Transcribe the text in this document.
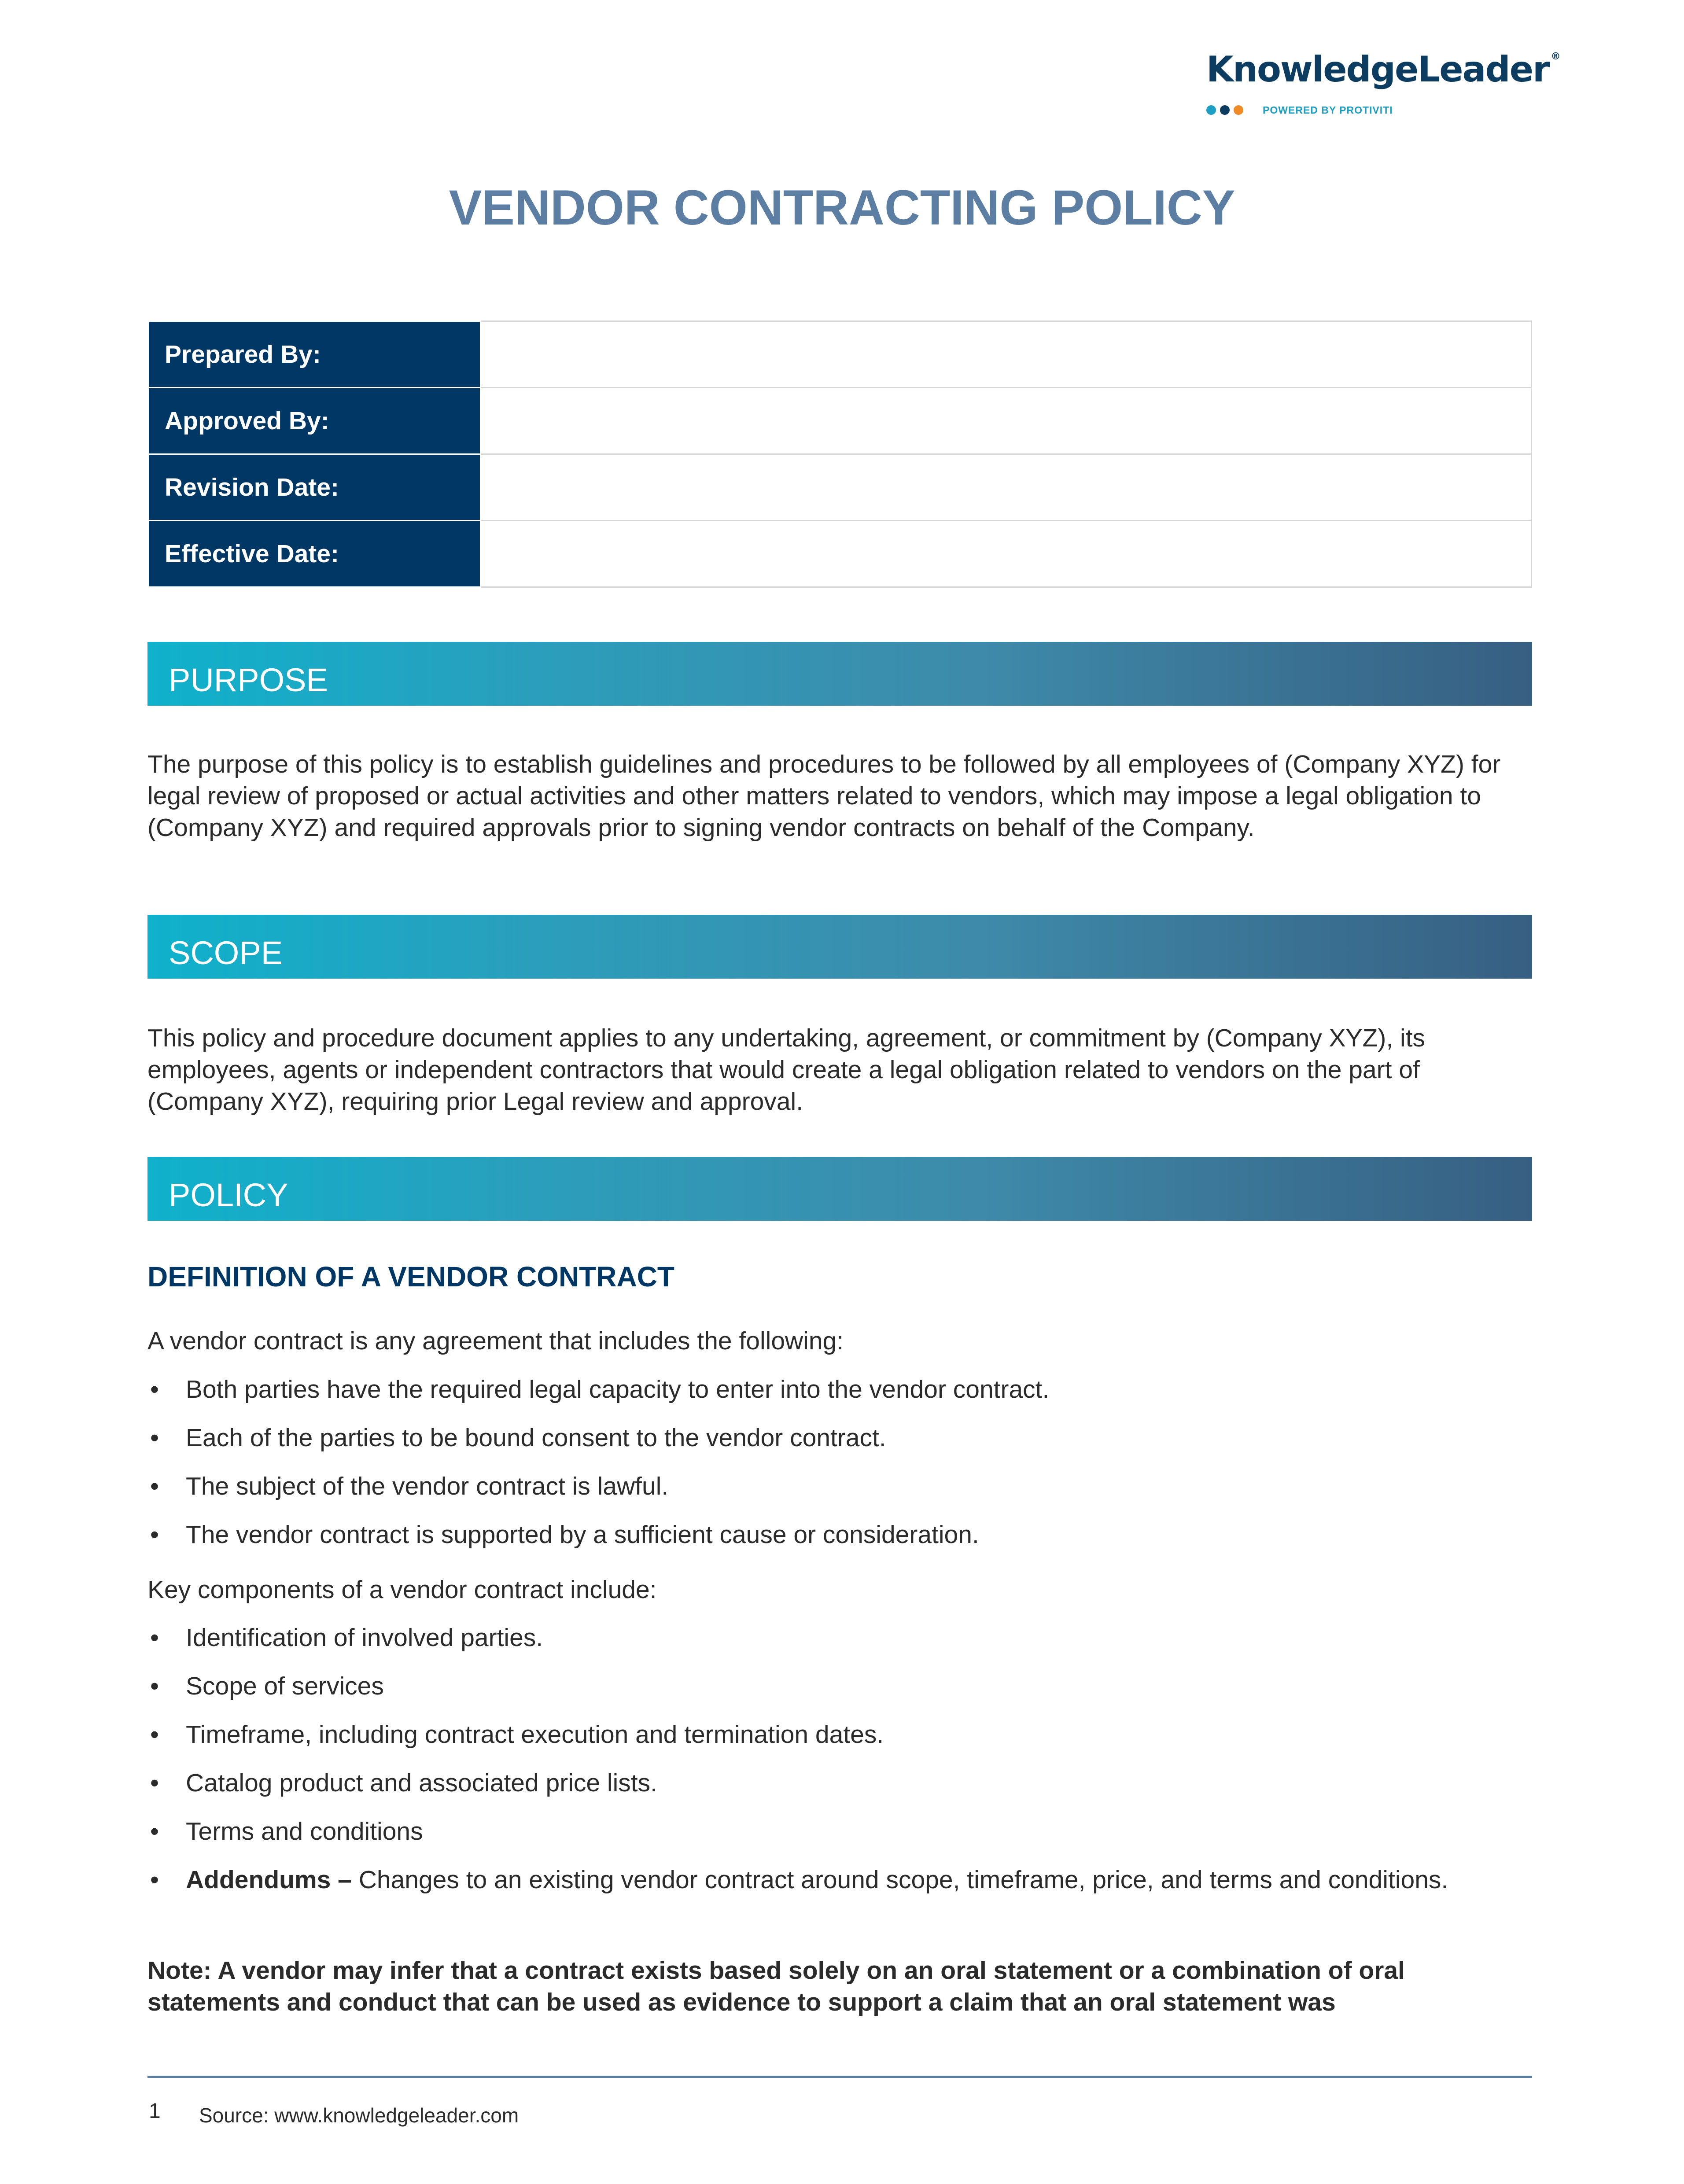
KnowledgeLeader ®
POWERED BY PROTIVITI
VENDOR CONTRACTING POLICY
Prepared By:	
Approved By:	
Revision Date:	
Effective Date:	
PURPOSE

The purpose of this policy is to establish guidelines and procedures to be followed by all employees of (Company XYZ) for legal review of proposed or actual activities and other matters related to vendors, which may impose a legal obligation to (Company XYZ) and required approvals prior to signing vendor contracts on behalf of the Company.

SCOPE

This policy and procedure document applies to any undertaking, agreement, or commitment by (Company XYZ), its employees, agents or independent contractors that would create a legal obligation related to vendors on the part of (Company XYZ), requiring prior Legal review and approval.

POLICY
DEFINITION OF A VENDOR CONTRACT

A vendor contract is any agreement that includes the following:

• Both parties have the required legal capacity to enter into the vendor contract.
• Each of the parties to be bound consent to the vendor contract.
• The subject of the vendor contract is lawful.
• The vendor contract is supported by a sufficient cause or consideration.

Key components of a vendor contract include:

• Identification of involved parties.
• Scope of services
• Timeframe, including contract execution and termination dates.
• Catalog product and associated price lists.
• Terms and conditions
• Addendums – Changes to an existing vendor contract around scope, timeframe, price, and terms and conditions.

Note: A vendor may infer that a contract exists based solely on an oral statement or a combination of oral statements and conduct that can be used as evidence to support a claim that an oral statement was

1 Source: www.knowledgeleader.com
